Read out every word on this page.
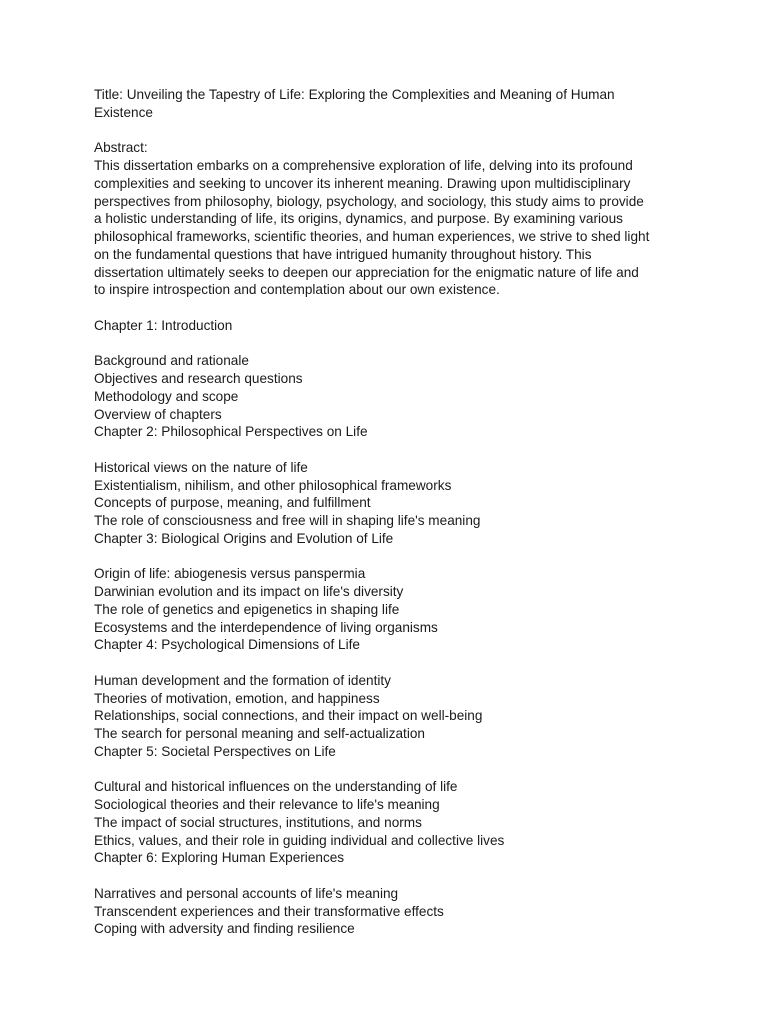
Title: Unveiling the Tapestry of Life: Exploring the Complexities and Meaning of Human
Existence
Abstract:
This dissertation embarks on a comprehensive exploration of life, delving into its profound
complexities and seeking to uncover its inherent meaning. Drawing upon multidisciplinary
perspectives from philosophy, biology, psychology, and sociology, this study aims to provide
a holistic understanding of life, its origins, dynamics, and purpose. By examining various
philosophical frameworks, scientific theories, and human experiences, we strive to shed light
on the fundamental questions that have intrigued humanity throughout history. This
dissertation ultimately seeks to deepen our appreciation for the enigmatic nature of life and
to inspire introspection and contemplation about our own existence.
Chapter 1: Introduction
Background and rationale
Objectives and research questions
Methodology and scope
Overview of chapters
Chapter 2: Philosophical Perspectives on Life
Historical views on the nature of life
Existentialism, nihilism, and other philosophical frameworks
Concepts of purpose, meaning, and fulfillment
The role of consciousness and free will in shaping life's meaning
Chapter 3: Biological Origins and Evolution of Life
Origin of life: abiogenesis versus panspermia
Darwinian evolution and its impact on life's diversity
The role of genetics and epigenetics in shaping life
Ecosystems and the interdependence of living organisms
Chapter 4: Psychological Dimensions of Life
Human development and the formation of identity
Theories of motivation, emotion, and happiness
Relationships, social connections, and their impact on well-being
The search for personal meaning and self-actualization
Chapter 5: Societal Perspectives on Life
Cultural and historical influences on the understanding of life
Sociological theories and their relevance to life's meaning
The impact of social structures, institutions, and norms
Ethics, values, and their role in guiding individual and collective lives
Chapter 6: Exploring Human Experiences
Narratives and personal accounts of life's meaning
Transcendent experiences and their transformative effects
Coping with adversity and finding resilience
